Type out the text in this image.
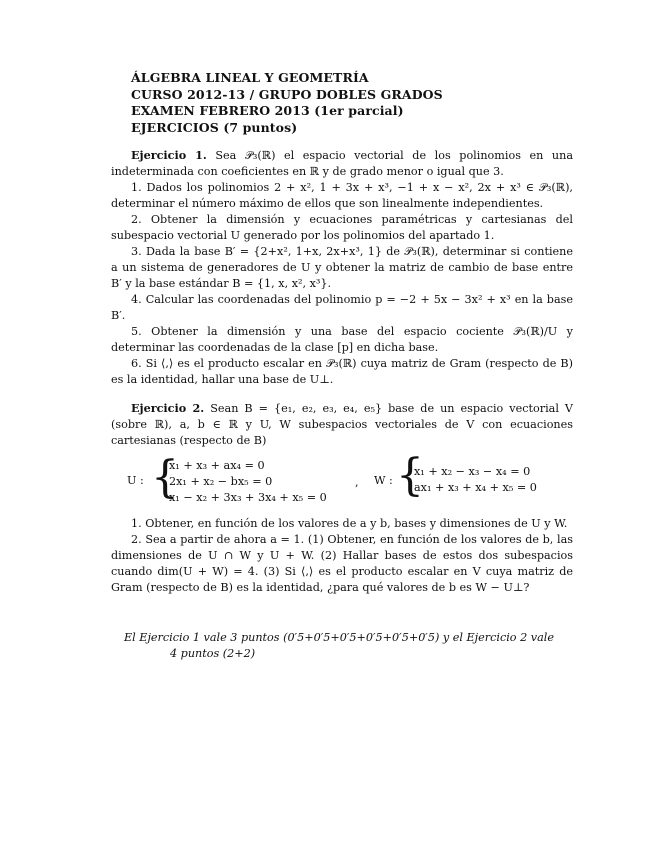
ÁLGEBRA LINEAL Y GEOMETRÍA
CURSO 2012-13 / GRUPO DOBLES GRADOS
EXAMEN FEBRERO 2013 (1er parcial)
EJERCICIOS (7 puntos)

Ejercicio 1. Sea 𝒫₃(ℝ) el espacio vectorial de los polinomios en una indeterminada con coeficientes en ℝ y de grado menor o igual que 3.

1. Dados los polinomios 2 + x², 1 + 3x + x³, −1 + x − x², 2x + x³ ∈ 𝒫₃(ℝ), determinar el número máximo de ellos que son linealmente independientes.

2. Obtener la dimensión y ecuaciones paramétricas y cartesianas del subespacio vectorial U generado por los polinomios del apartado 1.

3. Dada la base B′ = {2+x², 1+x, 2x+x³, 1} de 𝒫₃(ℝ), determinar si contiene a un sistema de generadores de U y obtener la matriz de cambio de base entre B′ y la base estándar B = {1, x, x², x³}.

4. Calcular las coordenadas del polinomio p = −2 + 5x − 3x² + x³ en la base B′.

5. Obtener la dimensión y una base del espacio cociente 𝒫₃(ℝ)/U y determinar las coordenadas de la clase [p] en dicha base.

6. Si ⟨,⟩ es el producto escalar en 𝒫₃(ℝ) cuya matriz de Gram (respecto de B) es la identidad, hallar una base de U⊥.

Ejercicio 2. Sean B = {e₁, e₂, e₃, e₄, e₅} base de un espacio vectorial V (sobre ℝ), a, b ∈ ℝ y U, W subespacios vectoriales de V con ecuaciones cartesianas (respecto de B)

U : {
x₁ + x₃ + ax₄ = 0
2x₁ + x₂ − bx₅ = 0
x₁ − x₂ + 3x₃ + 3x₄ + x₅ = 0
, W : {
x₁ + x₂ − x₃ − x₄ = 0
ax₁ + x₃ + x₄ + x₅ = 0

1. Obtener, en función de los valores de a y b, bases y dimensiones de U y W.

2. Sea a partir de ahora a = 1. (1) Obtener, en función de los valores de b, las dimensiones de U ∩ W y U + W. (2) Hallar bases de estos dos subespacios cuando dim(U + W) = 4. (3) Si ⟨,⟩ es el producto escalar en V cuya matriz de Gram (respecto de B) es la identidad, ¿para qué valores de b es W − U⊥?

El Ejercicio 1 vale 3 puntos (0′5+0′5+0′5+0′5+0′5+0′5) y el Ejercicio 2 vale
4 puntos (2+2)
